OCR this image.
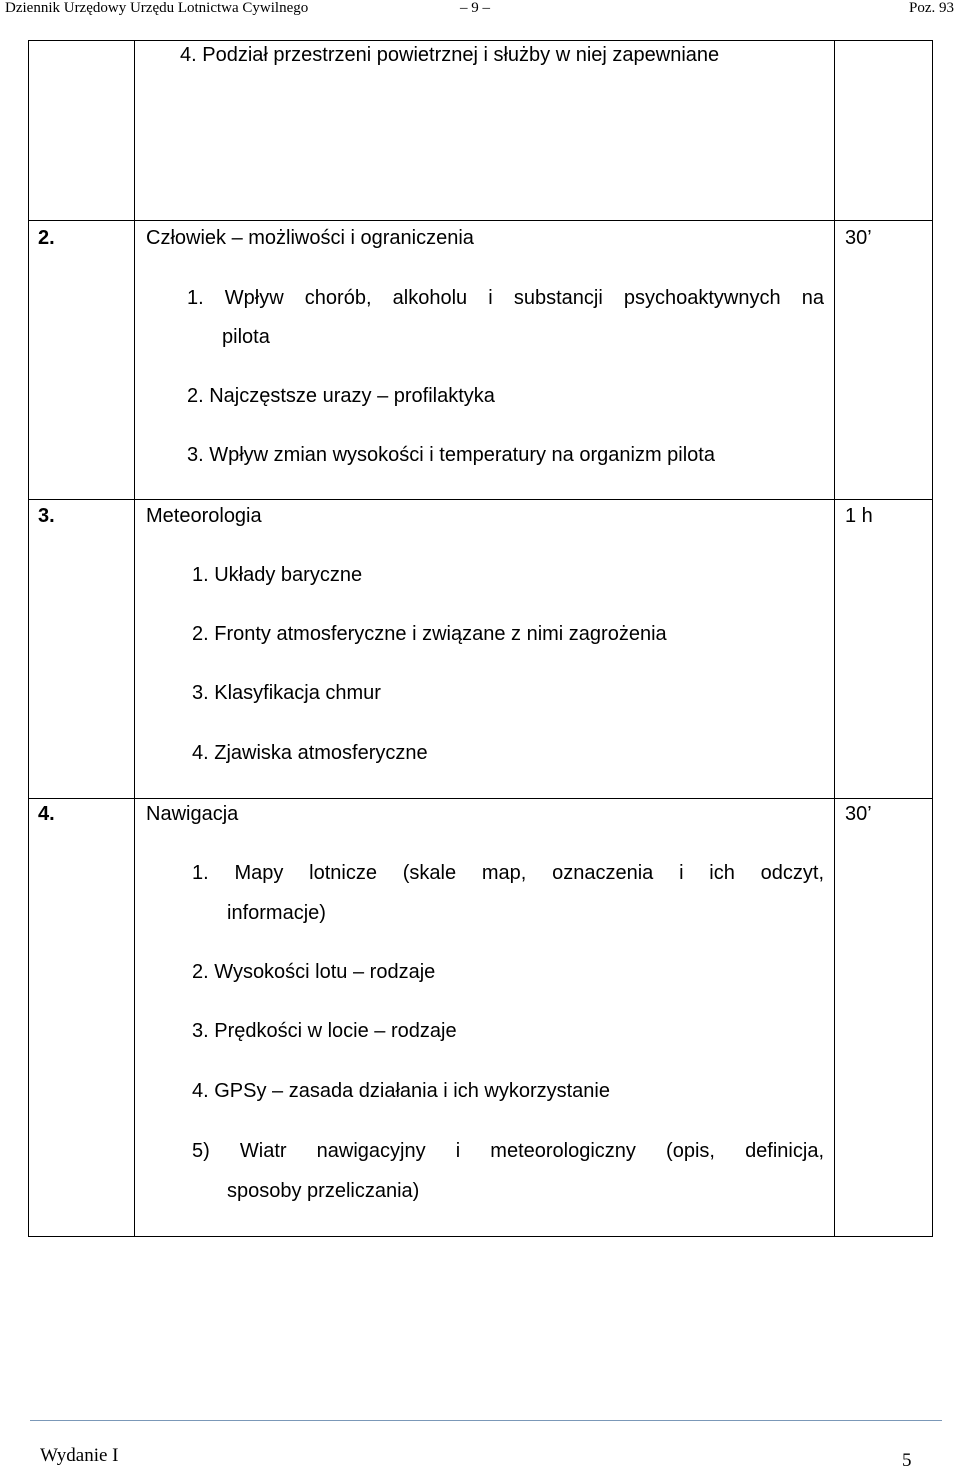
Dziennik Urzędowy Urzędu Lotnictwa Cywilnego	– 9 –	Poz. 93
4. Podział przestrzeni powietrznej i służby w niej zapewniane
2.	Człowiek – możliwości i ograniczenia	30’
1. Wpływ chorób, alkoholu i substancji psychoaktywnych na
pilota
2. Najczęstsze urazy – profilaktyka
3. Wpływ zmian wysokości i temperatury na organizm pilota
3.	Meteorologia	1 h
1. Układy baryczne
2. Fronty atmosferyczne i związane z nimi zagrożenia
3. Klasyfikacja chmur
4. Zjawiska atmosferyczne
4.	Nawigacja	30’
1. Mapy lotnicze (skale map, oznaczenia i ich odczyt,
informacje)
2. Wysokości lotu – rodzaje
3. Prędkości w locie – rodzaje
4. GPSy – zasada działania i ich wykorzystanie
5) Wiatr nawigacyjny i meteorologiczny (opis, definicja,
sposoby przeliczania)
Wydanie I	5
